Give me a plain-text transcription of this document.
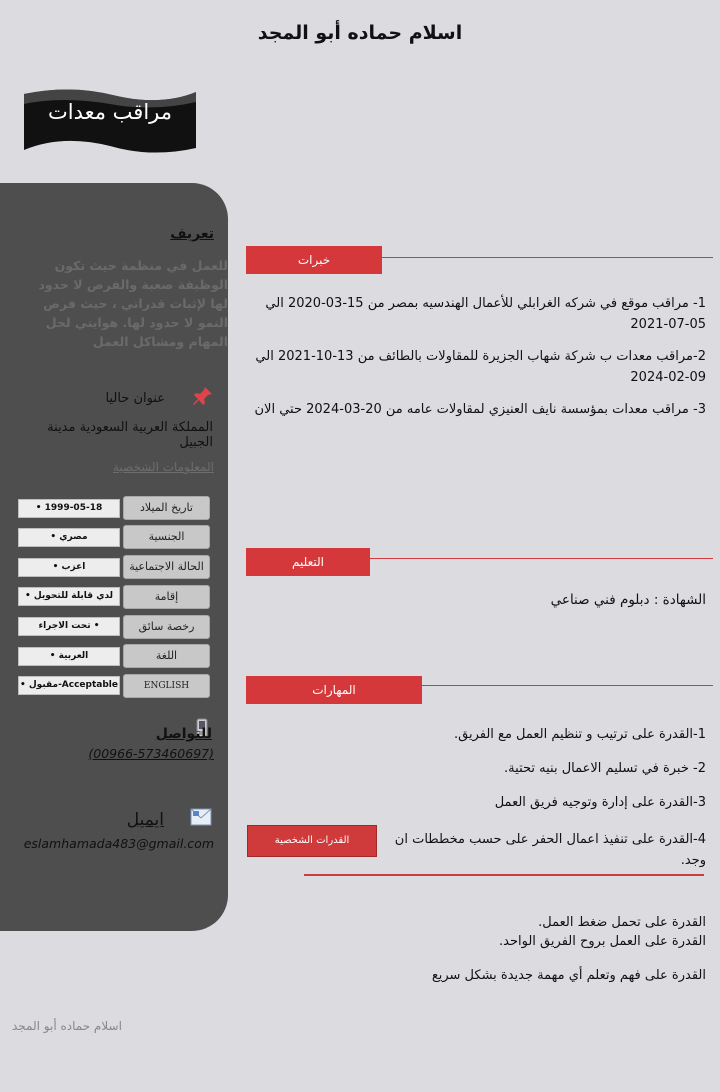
اسلام حماده أبو المجد
مراقب معدات
تعريف
للعمل في منظمة حيث تكون الوظيفة صعبة والفرص لا حدود لها لإثبات قدراتي ، حيث فرص النمو لا حدود لها. هوايتي لحل المهام ومشاكل العمل
عنوان حاليا
المملكة العربية السعودية مدينة الجبيل
المعلومات الشخصية
• 1999-05-18	تاريخ الميلاد
مصري •	الجنسية
اعزب •	الحالة الاجتماعية
لدي قابلة للتحويل •	إقامة
• تحت الاجراء	رخصة سائق
العربية •	اللغة
• مقبول-Acceptable	ENGLISH
للتواصل
(00966-573460697)
ايميل
eslamhamada483@gmail.com
خبرات
1- مراقب موقع في شركه الغرابلي للأعمال الهندسيه بمصر من 15-03-2020 الي 05-07-2021
2-مراقب معدات ب شركة شهاب الجزيرة للمقاولات بالطائف من 13-10-2021 الي 09-02-2024
3- مراقب معدات بمؤسسة نايف العنيزي لمقاولات عامه من 20-03-2024 حتي الان
التعليم
الشهادة : دبلوم فني صناعي
المهارات
1-القدرة على ترتيب و تنظيم العمل مع الفريق.
2- خبرة في تسليم الاعمال بنيه تحتية.
3-القدرة على إدارة وتوجيه فريق العمل
4-القدرة على تنفيذ اعمال الحفر على حسب مخططات ان وجد.
القدرات الشخصية
القدرة على تحمل ضغط العمل.
القدرة على العمل بروح الفريق الواحد.
القدرة على فهم وتعلم أي مهمة جديدة بشكل سريع
اسلام حماده أبو المجد
